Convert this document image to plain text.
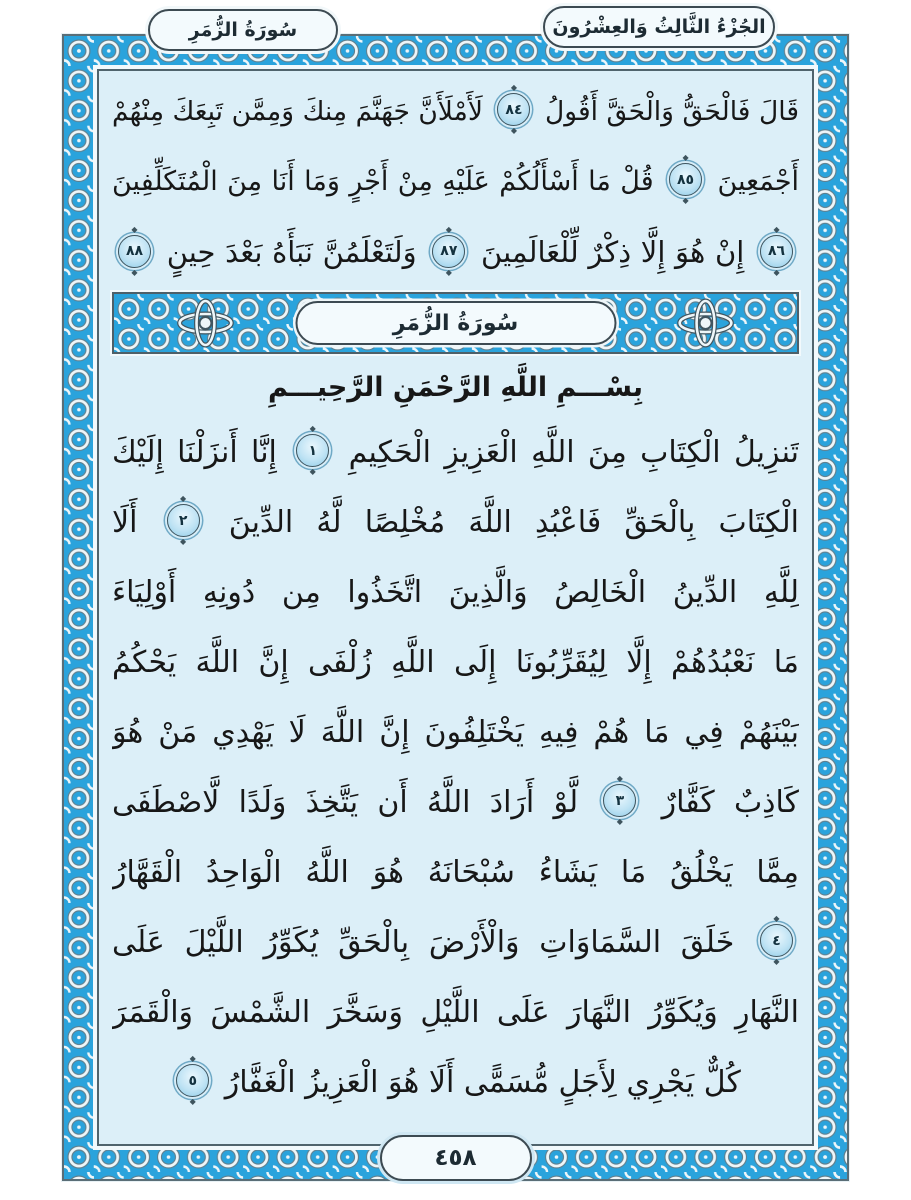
قَالَ فَالْحَقُّ وَالْحَقَّ أَقُولُ ◆ ٨٤ ◆ لَأَمْلَأَنَّ جَهَنَّمَ مِنكَ وَمِمَّن تَبِعَكَ مِنْهُمْ
أَجْمَعِينَ ◆ ٨٥ ◆ قُلْ مَا أَسْأَلُكُمْ عَلَيْهِ مِنْ أَجْرٍ وَمَا أَنَا مِنَ الْمُتَكَلِّفِينَ
◆ ٨٦ ◆ إِنْ هُوَ إِلَّا ذِكْرٌ لِّلْعَالَمِينَ ◆ ٨٧ ◆ وَلَتَعْلَمُنَّ نَبَأَهُ بَعْدَ حِينٍ ◆ ٨٨ ◆
سُورَةُ الزُّمَرِ
بِسْـــمِ اللَّهِ الرَّحْمَنِ الرَّحِيـــمِ
تَنزِيلُ الْكِتَابِ مِنَ اللَّهِ الْعَزِيزِ الْحَكِيمِ ◆ ١ ◆ إِنَّا أَنزَلْنَا إِلَيْكَ
الْكِتَابَ بِالْحَقِّ فَاعْبُدِ اللَّهَ مُخْلِصًا لَّهُ الدِّينَ ◆ ٢ ◆ أَلَا
لِلَّهِ الدِّينُ الْخَالِصُ وَالَّذِينَ اتَّخَذُوا مِن دُونِهِ أَوْلِيَاءَ
مَا نَعْبُدُهُمْ إِلَّا لِيُقَرِّبُونَا إِلَى اللَّهِ زُلْفَى إِنَّ اللَّهَ يَحْكُمُ
بَيْنَهُمْ فِي مَا هُمْ فِيهِ يَخْتَلِفُونَ إِنَّ اللَّهَ لَا يَهْدِي مَنْ هُوَ
كَاذِبٌ كَفَّارٌ ◆ ٣ ◆ لَّوْ أَرَادَ اللَّهُ أَن يَتَّخِذَ وَلَدًا لَّاصْطَفَى
مِمَّا يَخْلُقُ مَا يَشَاءُ سُبْحَانَهُ هُوَ اللَّهُ الْوَاحِدُ الْقَهَّارُ
◆ ٤ ◆ خَلَقَ السَّمَاوَاتِ وَالْأَرْضَ بِالْحَقِّ يُكَوِّرُ اللَّيْلَ عَلَى
النَّهَارِ وَيُكَوِّرُ النَّهَارَ عَلَى اللَّيْلِ وَسَخَّرَ الشَّمْسَ وَالْقَمَرَ
كُلٌّ يَجْرِي لِأَجَلٍ مُّسَمًّى أَلَا هُوَ الْعَزِيزُ الْغَفَّارُ ◆ ٥ ◆
سُورَةُ الزُّمَرِ	الجُزْءُ الثَّالِثُ وَالعِشْرُونَ
٤٥٨
